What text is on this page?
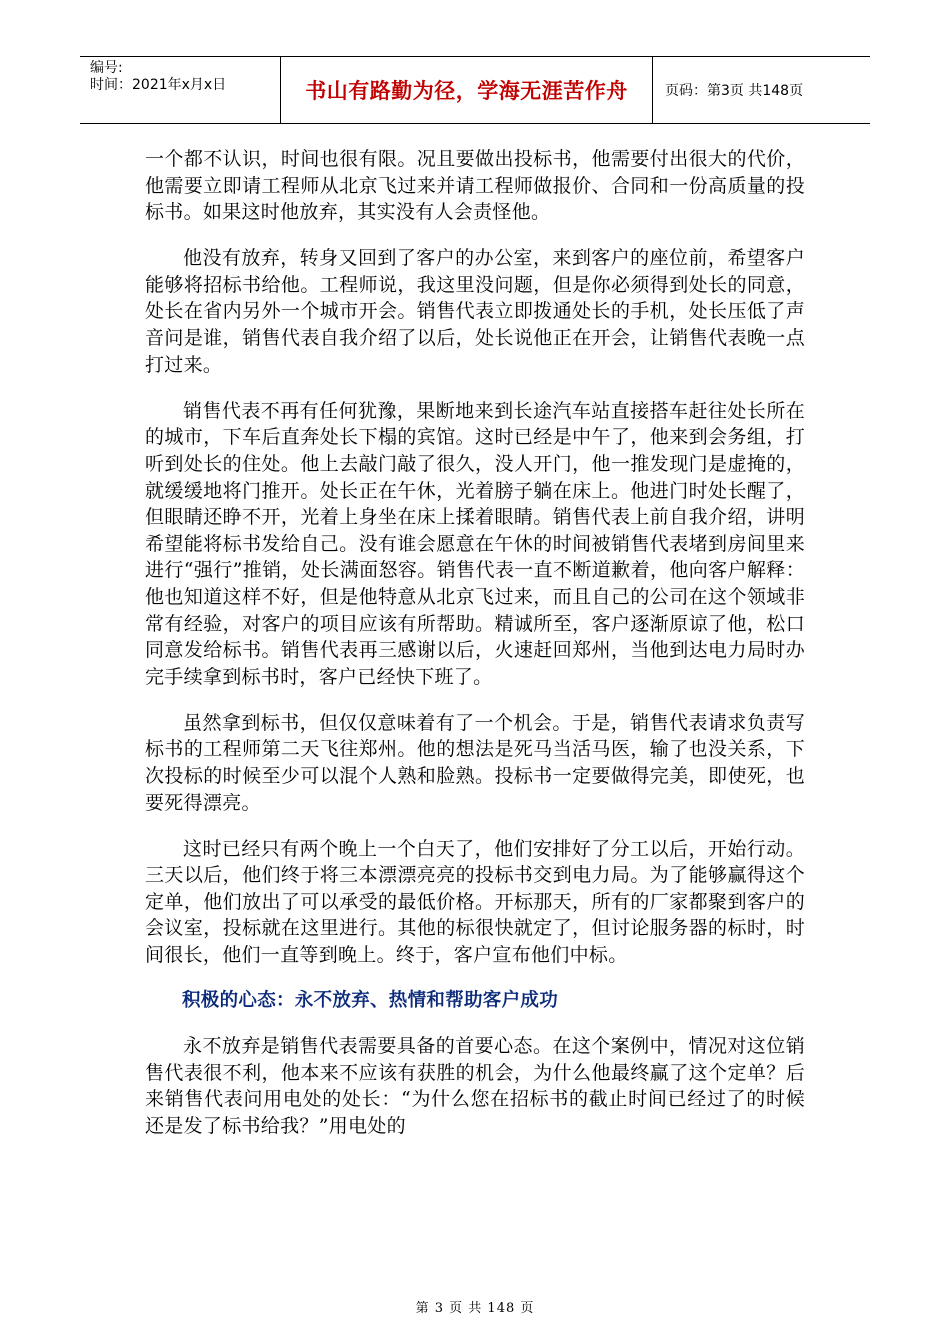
编号:
时间：2021年x月x日	书山有路勤为径，学海无涯苦作舟	页码：第3页 共148页

一个都不认识，时间也很有限。况且要做出投标书，他需要付出很大的代价，他需要立即请工程师从北京飞过来并请工程师做报价、合同和一份高质量的投标书。如果这时他放弃，其实没有人会责怪他。

他没有放弃，转身又回到了客户的办公室，来到客户的座位前，希望客户能够将招标书给他。工程师说，我这里没问题，但是你必须得到处长的同意，处长在省内另外一个城市开会。销售代表立即拨通处长的手机，处长压低了声音问是谁，销售代表自我介绍了以后，处长说他正在开会，让销售代表晚一点打过来。

销售代表不再有任何犹豫，果断地来到长途汽车站直接搭车赶往处长所在的城市，下车后直奔处长下榻的宾馆。这时已经是中午了，他来到会务组，打听到处长的住处。他上去敲门敲了很久，没人开门，他一推发现门是虚掩的，就缓缓地将门推开。处长正在午休，光着膀子躺在床上。他进门时处长醒了，但眼睛还睁不开，光着上身坐在床上揉着眼睛。销售代表上前自我介绍，讲明希望能将标书发给自己。没有谁会愿意在午休的时间被销售代表堵到房间里来进行“强行”推销，处长满面怒容。销售代表一直不断道歉着，他向客户解释：他也知道这样不好，但是他特意从北京飞过来，而且自己的公司在这个领域非常有经验，对客户的项目应该有所帮助。精诚所至，客户逐渐原谅了他，松口同意发给标书。销售代表再三感谢以后，火速赶回郑州，当他到达电力局时办完手续拿到标书时，客户已经快下班了。

虽然拿到标书，但仅仅意味着有了一个机会。于是，销售代表请求负责写标书的工程师第二天飞往郑州。他的想法是死马当活马医，输了也没关系，下次投标的时候至少可以混个人熟和脸熟。投标书一定要做得完美，即使死，也要死得漂亮。

这时已经只有两个晚上一个白天了，他们安排好了分工以后，开始行动。三天以后，他们终于将三本漂漂亮亮的投标书交到电力局。为了能够赢得这个定单，他们放出了可以承受的最低价格。开标那天，所有的厂家都聚到客户的会议室，投标就在这里进行。其他的标很快就定了，但讨论服务器的标时，时间很长，他们一直等到晚上。终于，客户宣布他们中标。

积极的心态：永不放弃、热情和帮助客户成功

永不放弃是销售代表需要具备的首要心态。在这个案例中，情况对这位销售代表很不利，他本来不应该有获胜的机会，为什么他最终赢了这个定单？后来销售代表问用电处的处长：“为什么您在招标书的截止时间已经过了的时候还是发了标书给我？”用电处的

第 3 页 共 148 页
